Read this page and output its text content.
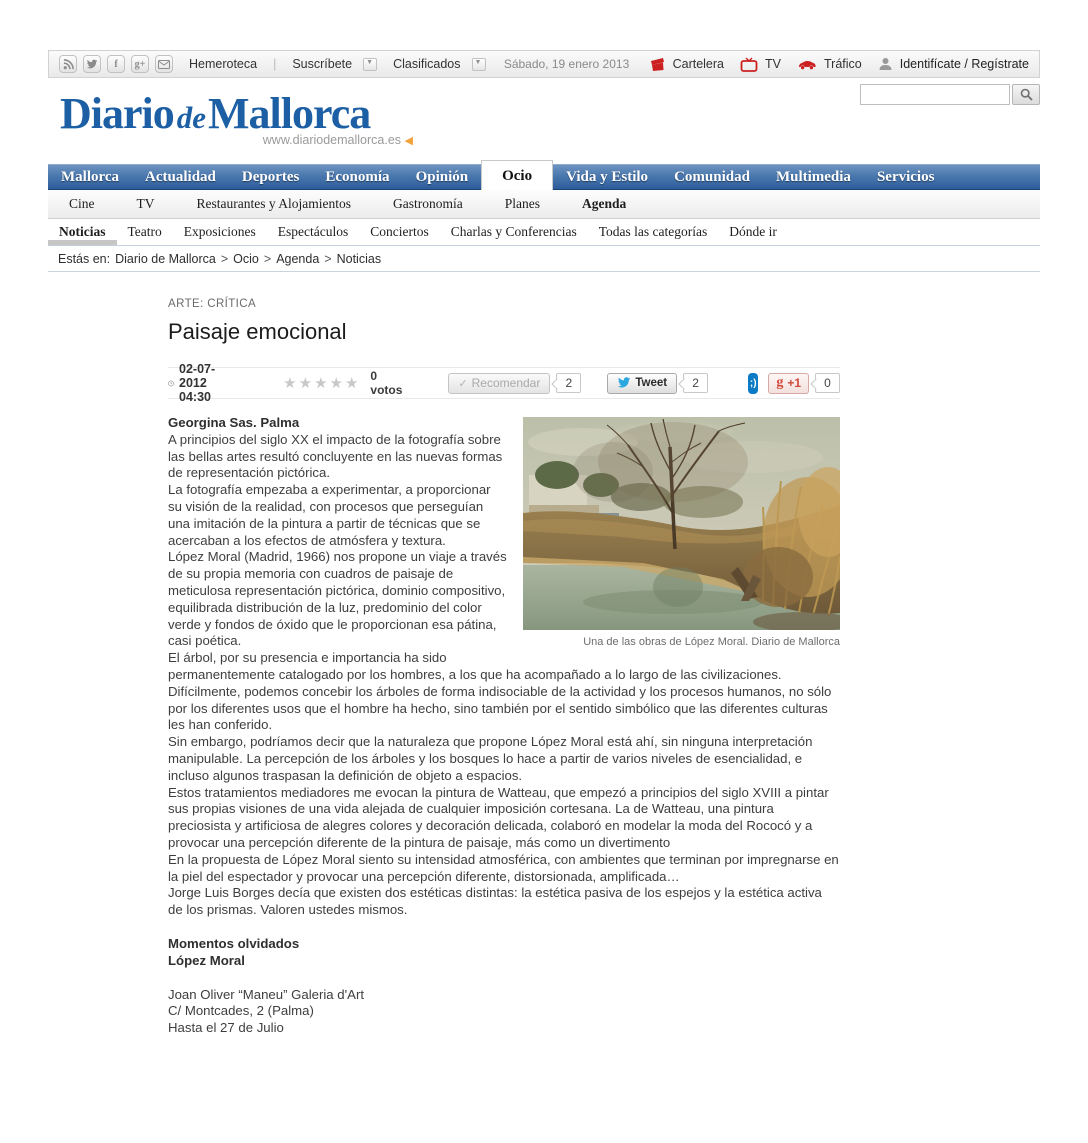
f	g+	Hemeroteca | Suscríbete ▼	Clasificados ▼	Sábado, 19 enero 2013	Cartelera	TV	Tráfico	Identifícate / Regístrate
DiariodeMallorca
www.diariodemallorca.es ◀
Mallorca	Actualidad	Deportes	Economía	Opinión	Ocio	Vida y Estilo	Comunidad	Multimedia	Servicios
Cine	TV	Restaurantes y Alojamientos	Gastronomía	Planes	Agenda
Noticias	Teatro	Exposiciones	Espectáculos	Conciertos	Charlas y Conferencias	Todas las categorías	Dónde ir
Estás en: Diario de Mallorca > Ocio > Agenda > Noticias
ARTE: CRÍTICA
Paisaje emocional
02-07-2012 04:30
★★★★★ 0 votos	✓ Recomendar	2	Tweet	2	;) g +1	0
Una de las obras de López Moral. Diario de Mallorca

Georgina Sas. Palma

A principios del siglo XX el impacto de la fotografía sobre las bellas artes resultó concluyente en las nuevas formas de representación pictórica.

La fotografía empezaba a experimentar, a proporcionar su visión de la realidad, con procesos que perseguían una imitación de la pintura a partir de técnicas que se acercaban a los efectos de atmósfera y textura.

López Moral (Madrid, 1966) nos propone un viaje a través de su propia memoria con cuadros de paisaje de meticulosa representación pictórica, dominio compositivo, equilibrada distribución de la luz, predominio del color verde y fondos de óxido que le proporcionan esa pátina, casi poética.

El árbol, por su presencia e importancia ha sido permanentemente catalogado por los hombres, a los que ha acompañado a lo largo de las civilizaciones. Difícilmente, podemos concebir los árboles de forma indisociable de la actividad y los procesos humanos, no sólo por los diferentes usos que el hombre ha hecho, sino también por el sentido simbólico que las diferentes culturas les han conferido.

Sin embargo, podríamos decir que la naturaleza que propone López Moral está ahí, sin ninguna interpretación manipulable. La percepción de los árboles y los bosques lo hace a partir de varios niveles de esencialidad, e incluso algunos traspasan la definición de objeto a espacios.

Estos tratamientos mediadores me evocan la pintura de Watteau, que empezó a principios del siglo XVIII a pintar sus propias visiones de una vida alejada de cualquier imposición cortesana. La de Watteau, una pintura preciosista y artificiosa de alegres colores y decoración delicada, colaboró en modelar la moda del Rococó y a provocar una percepción diferente de la pintura de paisaje, más como un divertimento

En la propuesta de López Moral siento su intensidad atmosférica, con ambientes que terminan por impregnarse en la piel del espectador y provocar una percepción diferente, distorsionada, amplificada…

Jorge Luis Borges decía que existen dos estéticas distintas: la estética pasiva de los espejos y la estética activa de los prismas. Valoren ustedes mismos.

Momentos olvidados

López Moral

Joan Oliver “Maneu” Galeria d'Art

C/ Montcades, 2 (Palma)

Hasta el 27 de Julio
